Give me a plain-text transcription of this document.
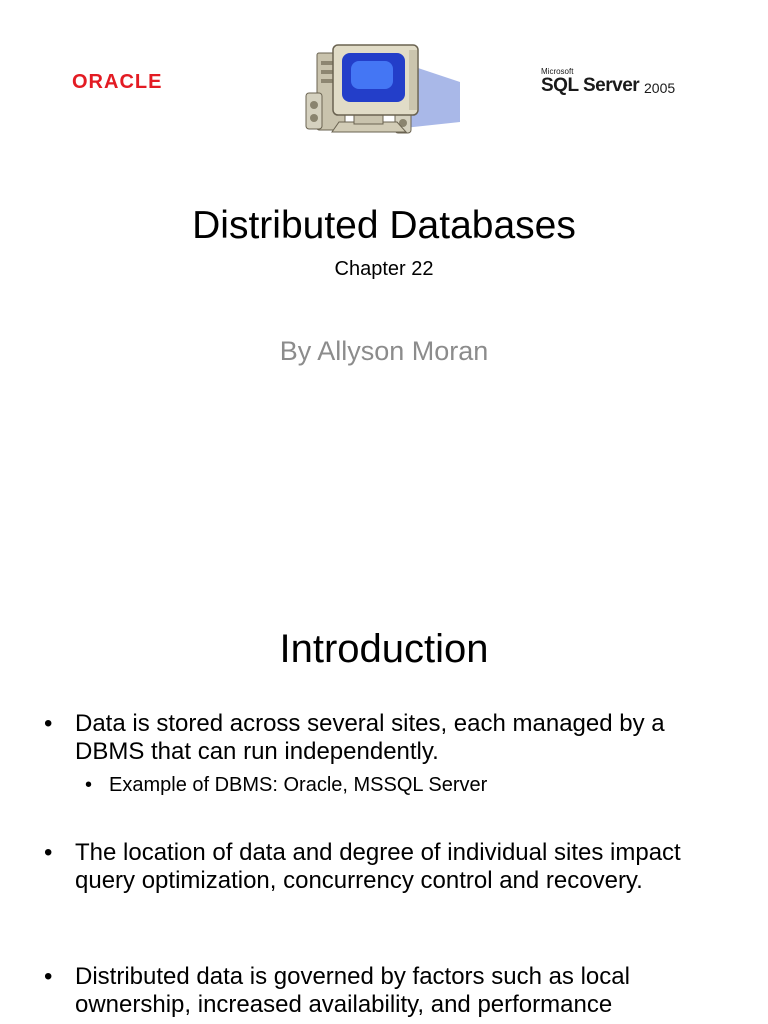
ORACLE	Microsoft
SQL Server 2005
Distributed Databases
Chapter 22
By Allyson Moran
Introduction
• Data is stored across several sites, each managed by a DBMS that can run independently.
• Example of DBMS: Oracle, MSSQL Server
• The location of data and degree of individual sites impact query optimization, concurrency control and recovery.
• Distributed data is governed by factors such as local ownership, increased availability, and performance
